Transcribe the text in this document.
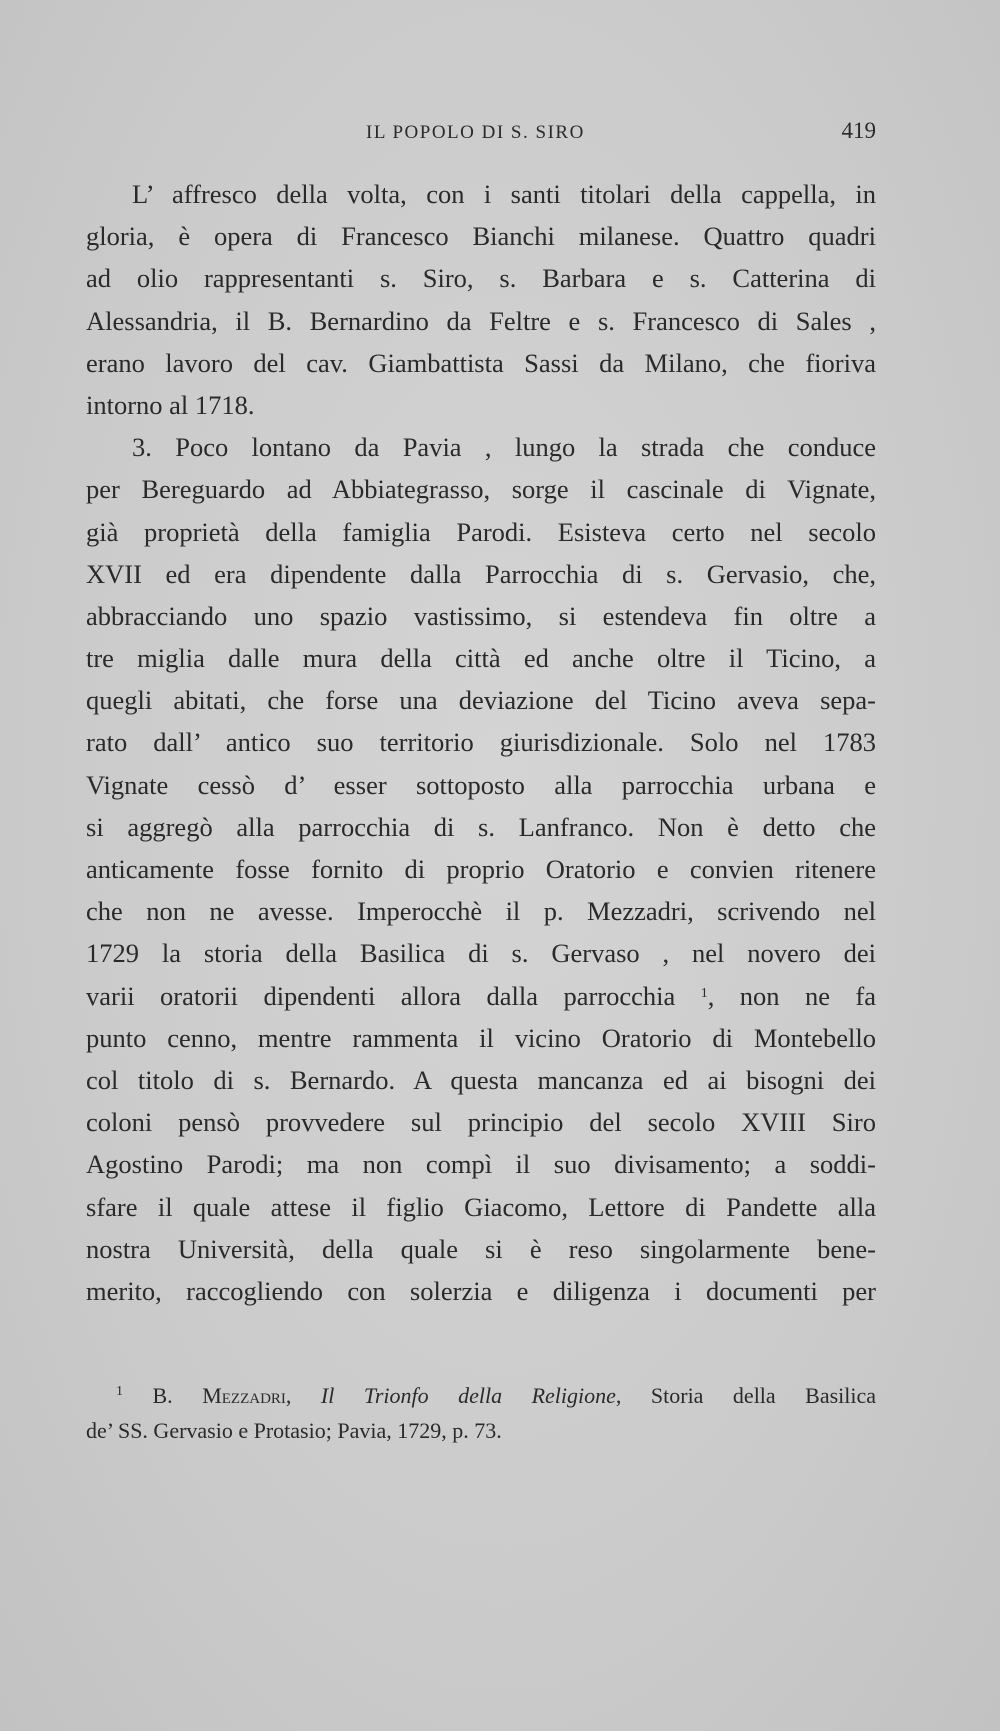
IL POPOLO DI S. SIRO	419
L’ affresco della volta, con i santi titolari della cappella, in
gloria, è opera di Francesco Bianchi milanese. Quattro quadri
ad olio rappresentanti s. Siro, s. Barbara e s. Catterina di
Alessandria, il B. Bernardino da Feltre e s. Francesco di Sales ,
erano lavoro del cav. Giambattista Sassi da Milano, che fioriva
intorno al 1718.
3. Poco lontano da Pavia , lungo la strada che conduce
per Bereguardo ad Abbiategrasso, sorge il cascinale di Vignate,
già proprietà della famiglia Parodi. Esisteva certo nel secolo
XVII ed era dipendente dalla Parrocchia di s. Gervasio, che,
abbracciando uno spazio vastissimo, si estendeva fin oltre a
tre miglia dalle mura della città ed anche oltre il Ticino, a
quegli abitati, che forse una deviazione del Ticino aveva sepa-
rato dall’ antico suo territorio giurisdizionale. Solo nel 1783
Vignate cessò d’ esser sottoposto alla parrocchia urbana e
si aggregò alla parrocchia di s. Lanfranco. Non è detto che
anticamente fosse fornito di proprio Oratorio e convien ritenere
che non ne avesse. Imperocchè il p. Mezzadri, scrivendo nel
1729 la storia della Basilica di s. Gervaso , nel novero dei
varii oratorii dipendenti allora dalla parrocchia $^1$, non ne fa
punto cenno, mentre rammenta il vicino Oratorio di Montebello
col titolo di s. Bernardo. A questa mancanza ed ai bisogni dei
coloni pensò provvedere sul principio del secolo XVIII Siro
Agostino Parodi; ma non compì il suo divisamento; a soddi-
sfare il quale attese il figlio Giacomo, Lettore di Pandette alla
nostra Università, della quale si è reso singolarmente bene-
merito, raccogliendo con solerzia e diligenza i documenti per
$^1$ B. Mezzadri, Il Trionfo della Religione, Storia della Basilica
de’ SS. Gervasio e Protasio; Pavia, 1729, p. 73.
